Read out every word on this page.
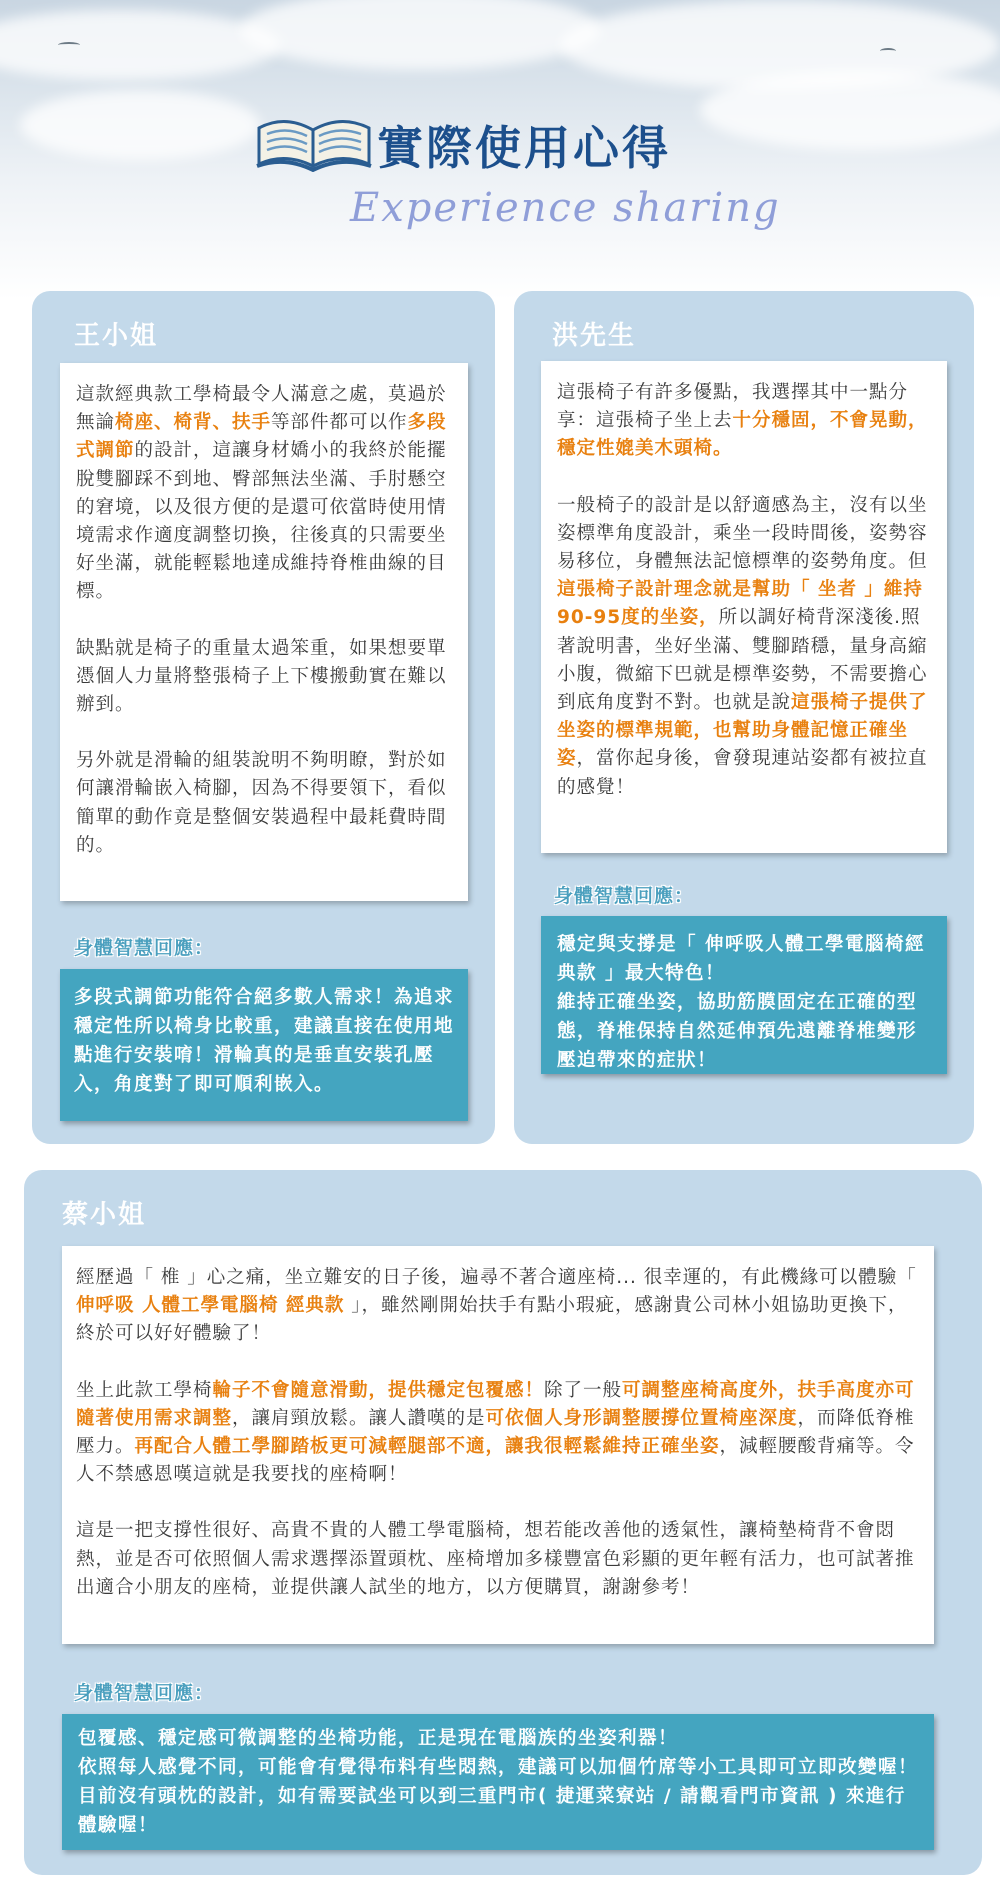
實際使用心得
Experience sharing
王小姐

這款經典款工學椅最令人滿意之處，莫過於無論椅座、椅背、扶手等部件都可以作多段式調節的設計，這讓身材嬌小的我終於能擺脫雙腳踩不到地、臀部無法坐滿、手肘懸空的窘境，以及很方便的是還可依當時使用情境需求作適度調整切換，往後真的只需要坐好坐滿，就能輕鬆地達成維持脊椎曲線的目標。

缺點就是椅子的重量太過笨重，如果想要單憑個人力量將整張椅子上下樓搬動實在難以辦到。

另外就是滑輪的組裝說明不夠明瞭，對於如何讓滑輪嵌入椅腳，因為不得要領下，看似簡單的動作竟是整個安裝過程中最耗費時間的。

身體智慧回應：
多段式調節功能符合絕多數人需求！為追求穩定性所以椅身比較重，建議直接在使用地點進行安裝唷！滑輪真的是垂直安裝孔壓入，角度對了即可順利嵌入。
洪先生

這張椅子有許多優點，我選擇其中一點分享：這張椅子坐上去十分穩固，不會晃動，穩定性媲美木頭椅。

一般椅子的設計是以舒適感為主，沒有以坐姿標準角度設計，乘坐一段時間後，姿勢容易移位，身體無法記憶標準的姿勢角度。但這張椅子設計理念就是幫助「 坐者 」維持90-95度的坐姿，所以調好椅背深淺後.照著說明書，坐好坐滿、雙腳踏穩，量身高縮小腹，微縮下巴就是標準姿勢，不需要擔心到底角度對不對。也就是說這張椅子提供了坐姿的標準規範，也幫助身體記憶正確坐姿，當你起身後，會發現連站姿都有被拉直的感覺！

身體智慧回應：
穩定與支撐是「 伸呼吸人體工學電腦椅經典款 」最大特色！
維持正確坐姿，協助筋膜固定在正確的型態，脊椎保持自然延伸預先遠離脊椎變形壓迫帶來的症狀！
蔡小姐

經歷過「 椎 」心之痛，坐立難安的日子後，遍尋不著合適座椅... 很幸運的，有此機緣可以體驗「 伸呼吸 人體工學電腦椅 經典款 」，雖然剛開始扶手有點小瑕疵，感謝貴公司林小姐協助更換下，終於可以好好體驗了！

坐上此款工學椅輪子不會隨意滑動，提供穩定包覆感！除了一般可調整座椅高度外，扶手高度亦可隨著使用需求調整，讓肩頸放鬆。讓人讚嘆的是可依個人身形調整腰撐位置椅座深度，而降低脊椎壓力。再配合人體工學腳踏板更可減輕腿部不適，讓我很輕鬆維持正確坐姿，減輕腰酸背痛等。令人不禁感恩嘆這就是我要找的座椅啊！

這是一把支撐性很好、高貴不貴的人體工學電腦椅，想若能改善他的透氣性，讓椅墊椅背不會悶熱，並是否可依照個人需求選擇添置頭枕、座椅增加多樣豐富色彩顯的更年輕有活力，也可試著推出適合小朋友的座椅，並提供讓人試坐的地方，以方便購買，謝謝參考！

身體智慧回應：
包覆感、穩定感可微調整的坐椅功能，正是現在電腦族的坐姿利器！
依照每人感覺不同，可能會有覺得布料有些悶熱，建議可以加個竹席等小工具即可立即改變喔！目前沒有頭枕的設計，如有需要試坐可以到三重門市( 捷運菜寮站 / 請觀看門市資訊 ) 來進行體驗喔！
